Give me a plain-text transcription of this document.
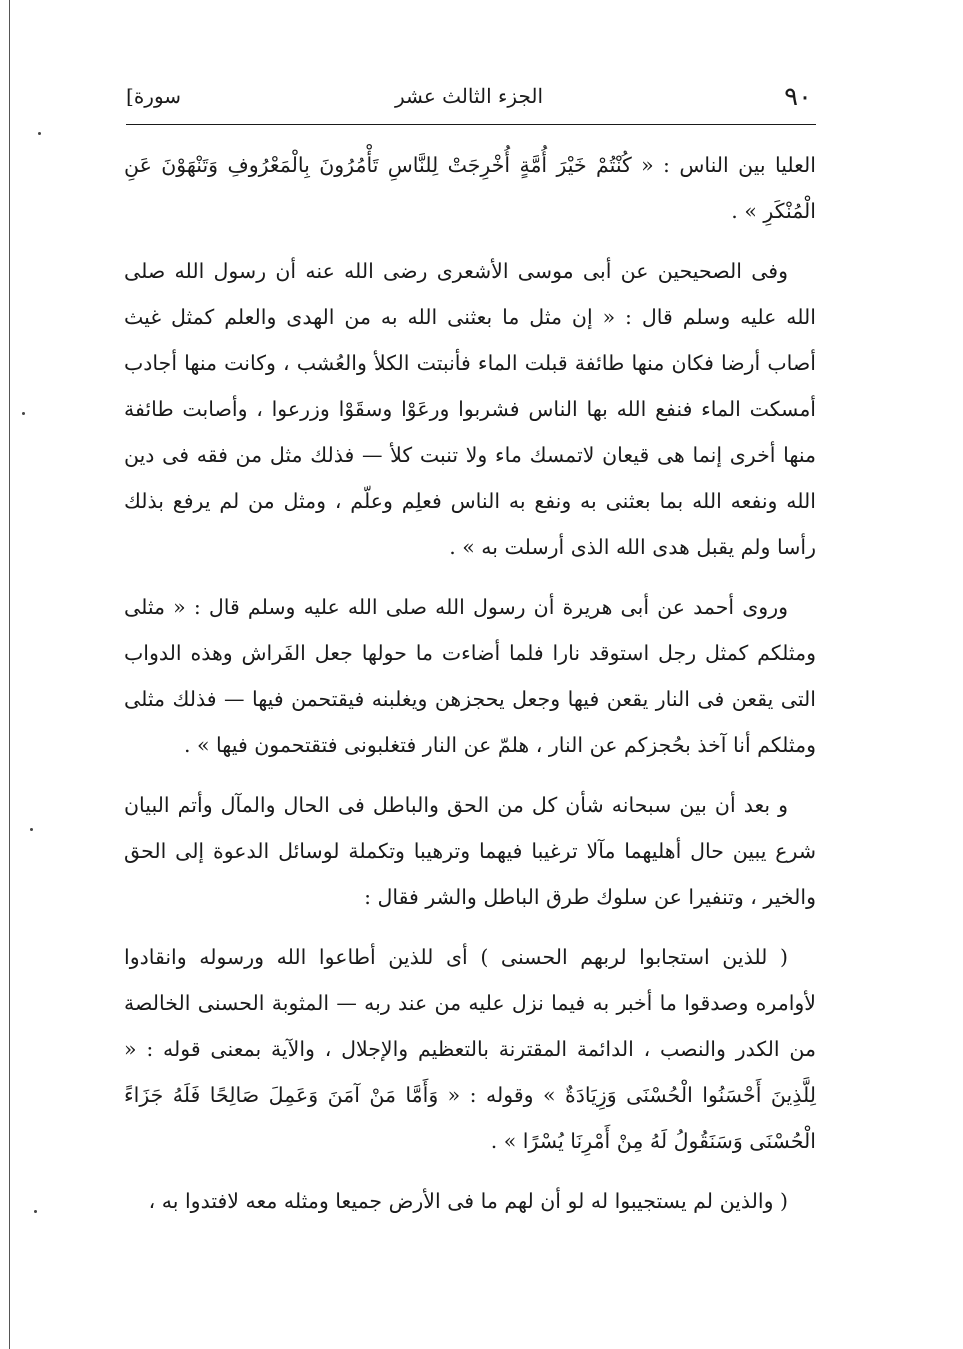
٩٠
الجزء الثالث عشر
[سورة

العليا بين الناس : « كُنْتُمْ خَيْرَ أُمَّةٍ أُخْرِجَتْ لِلنَّاسِ تَأْمُرُونَ بِالْمَعْرُوفِ وَتَنْهَوْنَ عَنِ الْمُنْكَرِ » .

وفى الصحيحين عن أبى موسى الأشعرى رضى الله عنه أن رسول الله صلى الله عليه وسلم قال : « إن مثل ما بعثنى الله به من الهدى والعلم كمثل غيث أصاب أرضا فكان منها طائفة قبلت الماء فأنبتت الكلأ والعُشب ، وكانت منها أجادب أمسكت الماء فنفع الله بها الناس فشربوا ورعَوْا وسقَوْا وزرعوا ، وأصابت طائفة منها أخرى إنما هى قيعان لاتمسك ماء ولا تنبت كلأ — فذلك مثل من فقه فى دين الله ونفعه الله بما بعثنى به ونفع به الناس فعلِم وعلّم ، ومثل من لم يرفع بذلك رأسا ولم يقبل هدى الله الذى أرسلت به » .

وروى أحمد عن أبى هريرة أن رسول الله صلى الله عليه وسلم قال : « مثلى ومثلكم كمثل رجل استوقد نارا فلما أضاءت ما حولها جعل الفَراش وهذه الدواب التى يقعن فى النار يقعن فيها وجعل يحجزهن ويغلبنه فيقتحمن فيها — فذلك مثلى ومثلكم أنا آخذ بحُجزكم عن النار ، هلمّ عن النار فتغلبونى فتقتحمون فيها » .

و بعد أن بين سبحانه شأن كل من الحق والباطل فى الحال والمآل وأتم البيان شرع يبين حال أهليهما مآلا ترغيبا فيهما وترهيبا وتكملة لوسائل الدعوة إلى الحق والخير ، وتنفيرا عن سلوك طرق الباطل والشر فقال :

( للذين استجابوا لربهم الحسنى ) أى للذين أطاعوا الله ورسوله وانقادوا لأوامره وصدقوا ما أخبر به فيما نزل عليه من عند ربه — المثوبة الحسنى الخالصة من الكدر والنصب ، الدائمة المقترنة بالتعظيم والإجلال ، والآية بمعنى قوله : « لِلَّذِينَ أَحْسَنُوا الْحُسْنَى وَزِيَادَةٌ » وقوله : « وَأَمَّا مَنْ آمَنَ وَعَمِلَ صَالِحًا فَلَهُ جَزَاءً الْحُسْنَى وَسَنَقُولُ لَهُ مِنْ أَمْرِنَا يُسْرًا » .

( والذين لم يستجيبوا له لو أن لهم ما فى الأرض جميعا ومثله معه لافتدوا به ،
